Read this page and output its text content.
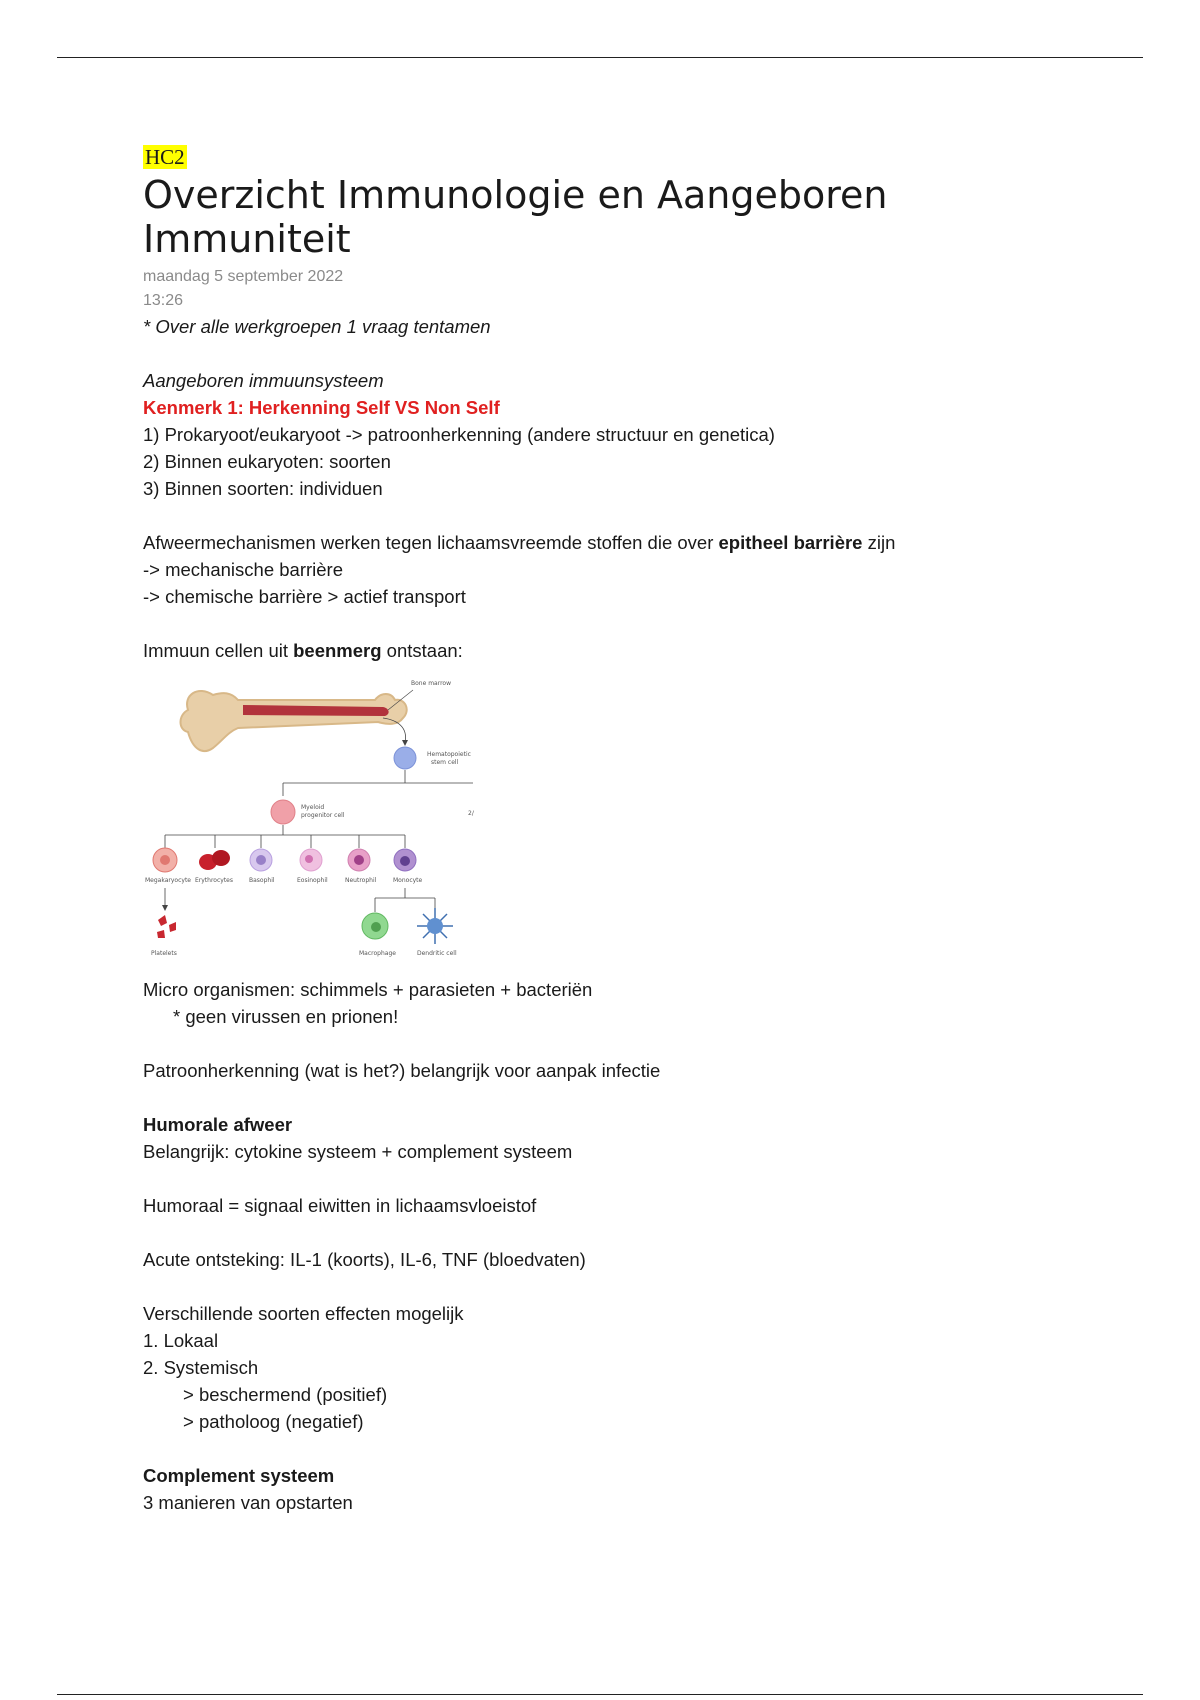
HC2
Overzicht Immunologie en Aangeboren
Immuniteit
maandag 5 september 2022
13:26
* Over alle werkgroepen 1 vraag tentamen
Aangeboren immuunsysteem
Kenmerk 1: Herkenning Self VS Non Self
1) Prokaryoot/eukaryoot -> patroonherkenning (andere structuur en genetica)
2) Binnen eukaryoten: soorten
3) Binnen soorten: individuen
Afweermechanismen werken tegen lichaamsvreemde stoffen die over epitheel barrière zijn
-> mechanische barrière
-> chemische barrière > actief transport
Immuun cellen uit beenmerg ontstaan:
Bone marrow
Hematopoietic
stem cell
Myeloid
progenitor cell	2/
Megakaryocyte Erythrocytes	Basophil	Eosinophil	Neutrophil	Monocyte
Platelets	Macrophage	Dendritic cell
Micro organismen: schimmels + parasieten + bacteriën
* geen virussen en prionen!
Patroonherkenning (wat is het?) belangrijk voor aanpak infectie
Humorale afweer
Belangrijk: cytokine systeem + complement systeem
Humoraal = signaal eiwitten in lichaamsvloeistof
Acute ontsteking: IL-1 (koorts), IL-6, TNF (bloedvaten)
Verschillende soorten effecten mogelijk
1. Lokaal
2. Systemisch
> beschermend (positief)
> patholoog (negatief)
Complement systeem
3 manieren van opstarten
